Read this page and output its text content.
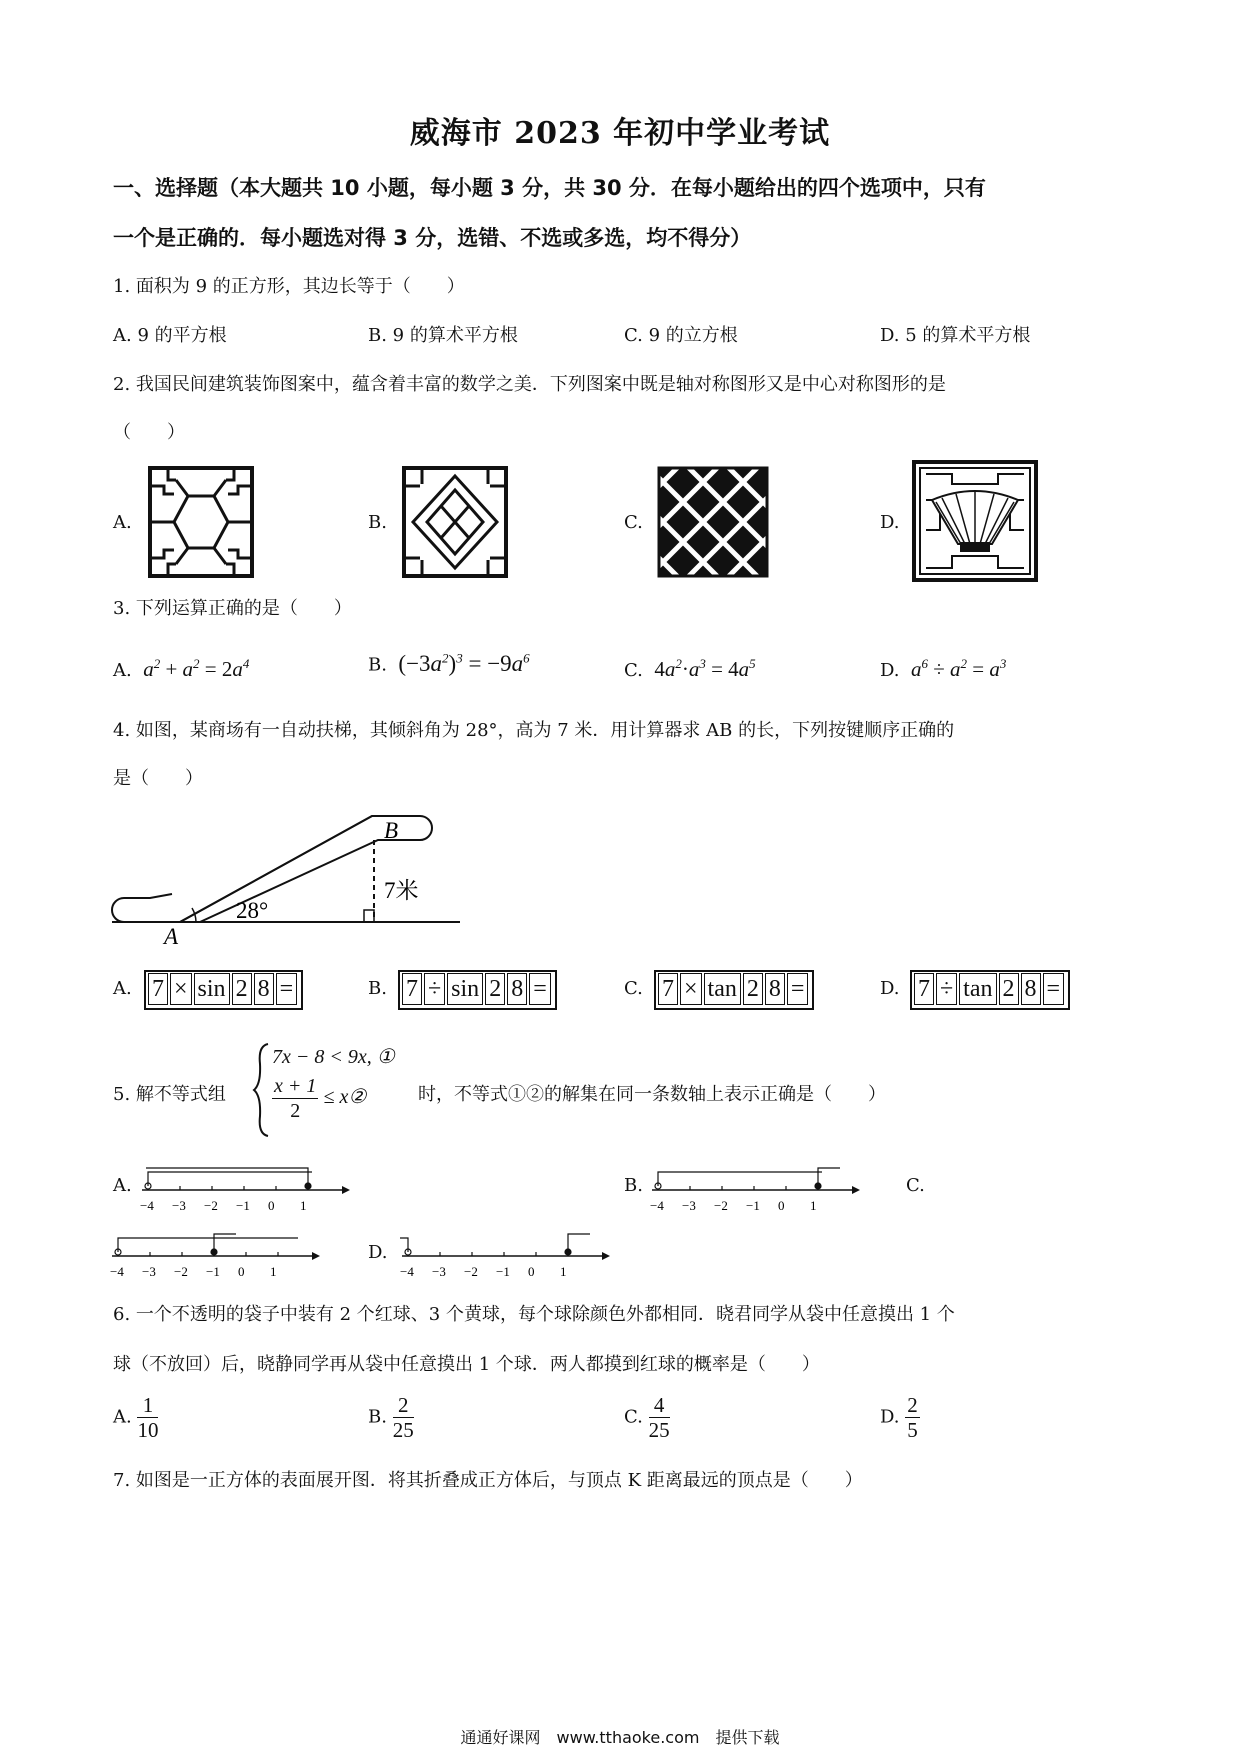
威海市 2023 年初中学业考试
一、选择题（本大题共 10 小题，每小题 3 分，共 30 分．在每小题给出的四个选项中，只有
一个是正确的．每小题选对得 3 分，选错、不选或多选，均不得分）
1. 面积为 9 的正方形，其边长等于（　　）
A. 9 的平方根	B. 9 的算术平方根	C. 9 的立方根	D. 5 的算术平方根
2. 我国民间建筑装饰图案中，蕴含着丰富的数学之美．下列图案中既是轴对称图形又是中心对称图形的是
（　　）
A.	B.	C.	D.
3. 下列运算正确的是（　　）
A. $a^2 + a^2 = 2a^4$	B. $(-3a^2)^3 = -9a^6$
C. $4a^2\cdot a^3 = 4a^5$	D. $a^6 \div a^2 = a^3$
4. 如图，某商场有一自动扶梯，其倾斜角为 28°，高为 7 米．用计算器求 AB 的长，下列按键顺序正确的
是（　　）
28°
7米
A
B
A. 7 × sin 2 8 =	B. 7 ÷ sin 2 8 =	C. 7 × tan 2 8 =	D. 7 ÷ tan 2 8 =
5. 解不等式组
7x − 8 < 9x, ①
$\frac{x + 1}{2}$ ≤ x②	时，不等式①②的解集在同一条数轴上表示正确是（　　）
A.
−4 −3 −2 −1 0 1
B.
−4 −3 −2 −1 0 1
C.
−4 −3 −2 −1 0 1
D.
−4 −3 −2 −1 0 1
6. 一个不透明的袋子中装有 2 个红球、3 个黄球，每个球除颜色外都相同．晓君同学从袋中任意摸出 1 个
球（不放回）后，晓静同学再从袋中任意摸出 1 个球．两人都摸到红球的概率是（　　）
A. $\frac{1}{10}$	B. $\frac{2}{25}$	C. $\frac{4}{25}$	D. $\frac{2}{5}$
7. 如图是一正方体的表面展开图．将其折叠成正方体后，与顶点 K 距离最远的顶点是（　　）
通通好课网　www.tthaoke.com　提供下载
